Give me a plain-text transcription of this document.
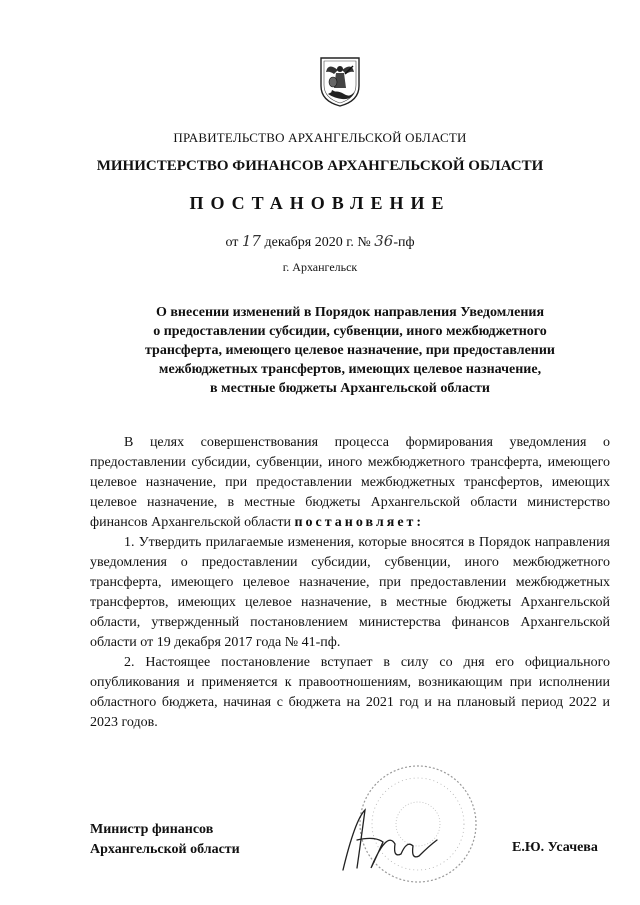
ПРАВИТЕЛЬСТВО АРХАНГЕЛЬСКОЙ ОБЛАСТИ
МИНИСТЕРСТВО ФИНАНСОВ АРХАНГЕЛЬСКОЙ ОБЛАСТИ
ПОСТАНОВЛЕНИЕ
от 17 декабря 2020 г. № 36-пф
г. Архангельск
О внесении изменений в Порядок направления Уведомления
о предоставлении субсидии, субвенции, иного межбюджетного
трансферта, имеющего целевое назначение, при предоставлении
межбюджетных трансфертов, имеющих целевое назначение,
в местные бюджеты Архангельской области

В целях совершенствования процесса формирования уведомления о предоставлении субсидии, субвенции, иного межбюджетного трансферта, имеющего целевое назначение, при предоставлении межбюджетных трансфертов, имеющих целевое назначение, в местные бюджеты Архангельской области министерство финансов Архангельской области постановляет:

1. Утвердить прилагаемые изменения, которые вносятся в Порядок направления уведомления о предоставлении субсидии, субвенции, иного межбюджетного трансферта, имеющего целевое назначение, при предоставлении межбюджетных трансфертов, имеющих целевое назначение, в местные бюджеты Архангельской области, утвержденный постановлением министерства финансов Архангельской области от 19 декабря 2017 года № 41-пф.

2. Настоящее постановление вступает в силу со дня его официального опубликования и применяется к правоотношениям, возникающим при исполнении областного бюджета, начиная с бюджета на 2021 год и на плановый период 2022 и 2023 годов.

Министр финансов
Архангельской области	Е.Ю. Усачева
